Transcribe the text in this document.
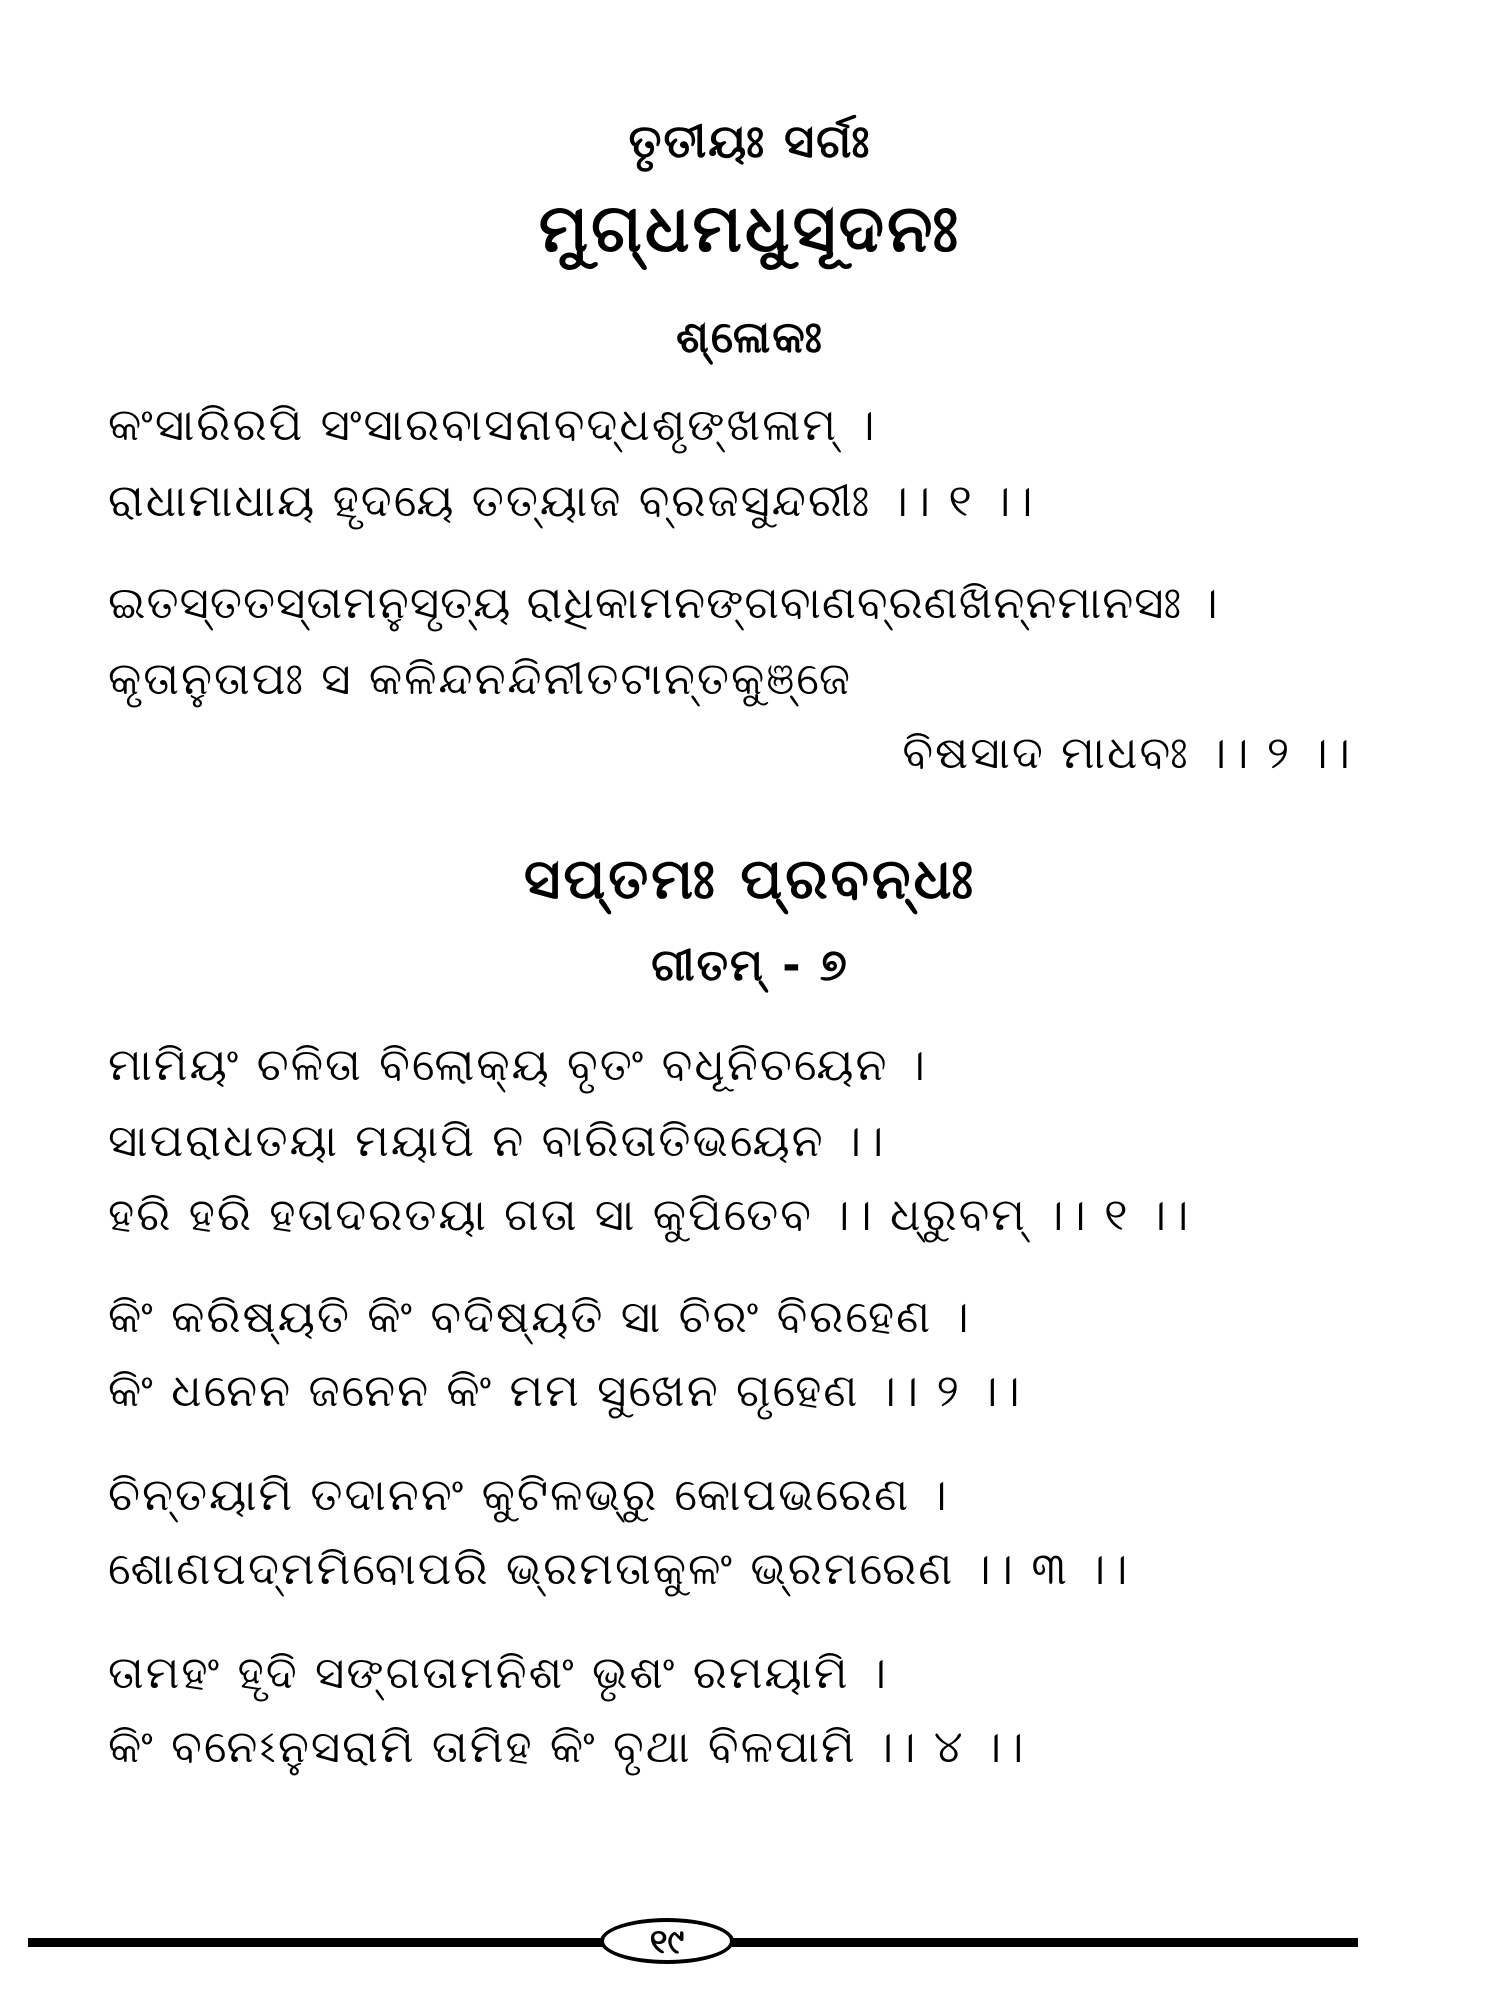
ତୃତୀୟଃ ସର୍ଗଃ
ମୁଗ୍ଧମଧୁସୂଦନଃ
ଶ୍ଳୋକଃ
କଂସାରିରପି ସଂସାରବାସନାବଦ୍ଧଶୃଙ୍ଖଳାମ୍ ।
ରାଧାମାଧାୟ ହୃଦୟେ ତତ୍ୟାଜ ବ୍ରଜସୁନ୍ଦରୀଃ ।। ୧ ।।
ଇତସ୍ତତସ୍ତାମନୁସୃତ୍ୟ ରାଧିକାମନଙ୍ଗବାଣବ୍ରଣଖିନ୍ନମାନସଃ ।
କୃତାନୁତାପଃ ସ କଳିନ୍ଦନନ୍ଦିନୀତଟାନ୍ତକୁଞ୍ଜେ
ବିଷସାଦ ମାଧବଃ ।। ୨ ।।
ସପ୍ତମଃ ପ୍ରବନ୍ଧଃ
ଗୀତମ୍ - ୭
ମାମିୟଂ ଚଳିତା ବିଲୋକ୍ୟ ବୃତଂ ବଧୂନିଚୟେନ ।
ସାପରାଧତୟା ମୟାପି ନ ବାରିତାତିଭୟେନ ।।
ହରି ହରି ହତାଦରତୟା ଗତା ସା କୁପିତେବ ।। ଧ୍ରୁବମ୍ ।। ୧ ।।
କିଂ କରିଷ୍ୟତି କିଂ ବଦିଷ୍ୟତି ସା ଚିରଂ ବିରହେଣ ।
କିଂ ଧନେନ ଜନେନ କିଂ ମମ ସୁଖେନ ଗୃହେଣ ।। ୨ ।।
ଚିନ୍ତୟାମି ତଦାନନଂ କୁଟିଳଭ୍ରୁ କୋପଭରେଣ ।
ଶୋଣପଦ୍ମମିବୋପରି ଭ୍ରମତାକୁଳଂ ଭ୍ରମରେଣ ।। ୩ ।।
ତାମହଂ ହୃଦି ସଙ୍ଗତାମନିଶଂ ଭୃଶଂ ରମୟାମି ।
କିଂ ବନେଽନୁସରାମି ତାମିହ କିଂ ବୃଥା ବିଳପାମି ।। ୪ ।।
୧୯
